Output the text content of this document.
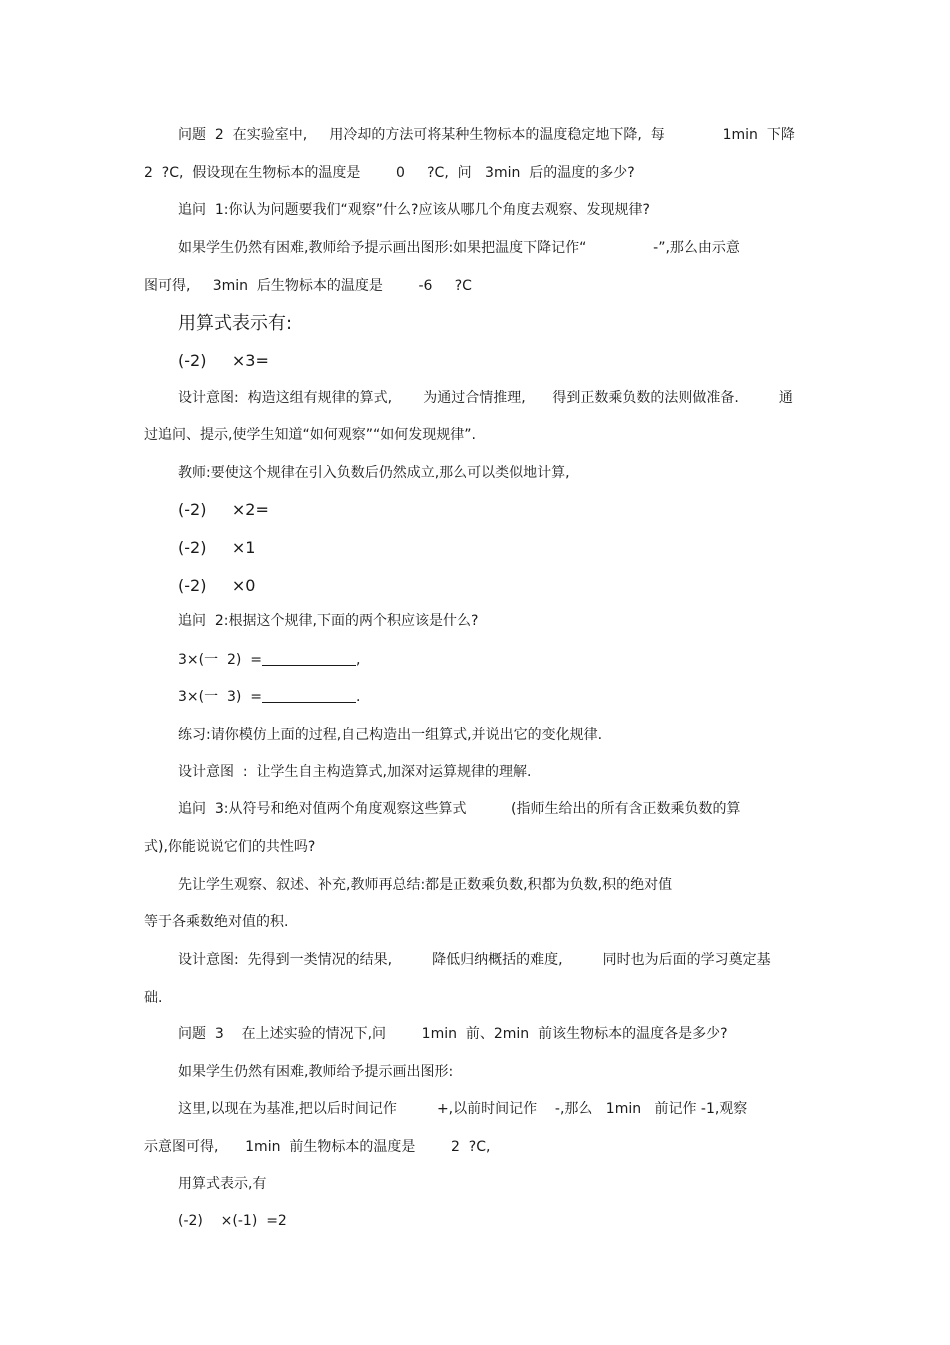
问题  2  在实验室中,     用冷却的方法可将某种生物标本的温度稳定地下降,  每             1min  下降
2  ?C,  假设现在生物标本的温度是        0     ?C,  问   3min  后的温度的多少?
追问  1:你认为问题要我们“观察”什么?应该从哪几个角度去观察、发现规律?
如果学生仍然有困难,教师给予提示画出图形:如果把温度下降记作“               -”,那么由示意
图可得,     3min  后生物标本的温度是        -6     ?C
用算式表示有:
(-2)     ×3=
设计意图:  构造这组有规律的算式,       为通过合情推理,      得到正数乘负数的法则做准备.         通
过追问、提示,使学生知道“如何观察”“如何发现规律”.
教师:要使这个规律在引入负数后仍然成立,那么可以类似地计算,
(-2)     ×2=
(-2)     ×1
(-2)     ×0
追问  2:根据这个规律,下面的两个积应该是什么?
3×(一  2)  =	,
3×(一  3)  =	.
练习:请你模仿上面的过程,自己构造出一组算式,并说出它的变化规律.
设计意图  :  让学生自主构造算式,加深对运算规律的理解.
追问  3:从符号和绝对值两个角度观察这些算式          (指师生给出的所有含正数乘负数的算
式),你能说说它们的共性吗?
先让学生观察、叙述、补充,教师再总结:都是正数乘负数,积都为负数,积的绝对值
等于各乘数绝对值的积.
设计意图:  先得到一类情况的结果,         降低归纳概括的难度,         同时也为后面的学习奠定基
础.
问题  3    在上述实验的情况下,问        1min  前、2min  前该生物标本的温度各是多少?
如果学生仍然有困难,教师给予提示画出图形:
这里,以现在为基准,把以后时间记作         +,以前时间记作    -,那么   1min   前记作 -1,观察
示意图可得,      1min  前生物标本的温度是        2  ?C,
用算式表示,有
(-2)    ×(-1)  =2
